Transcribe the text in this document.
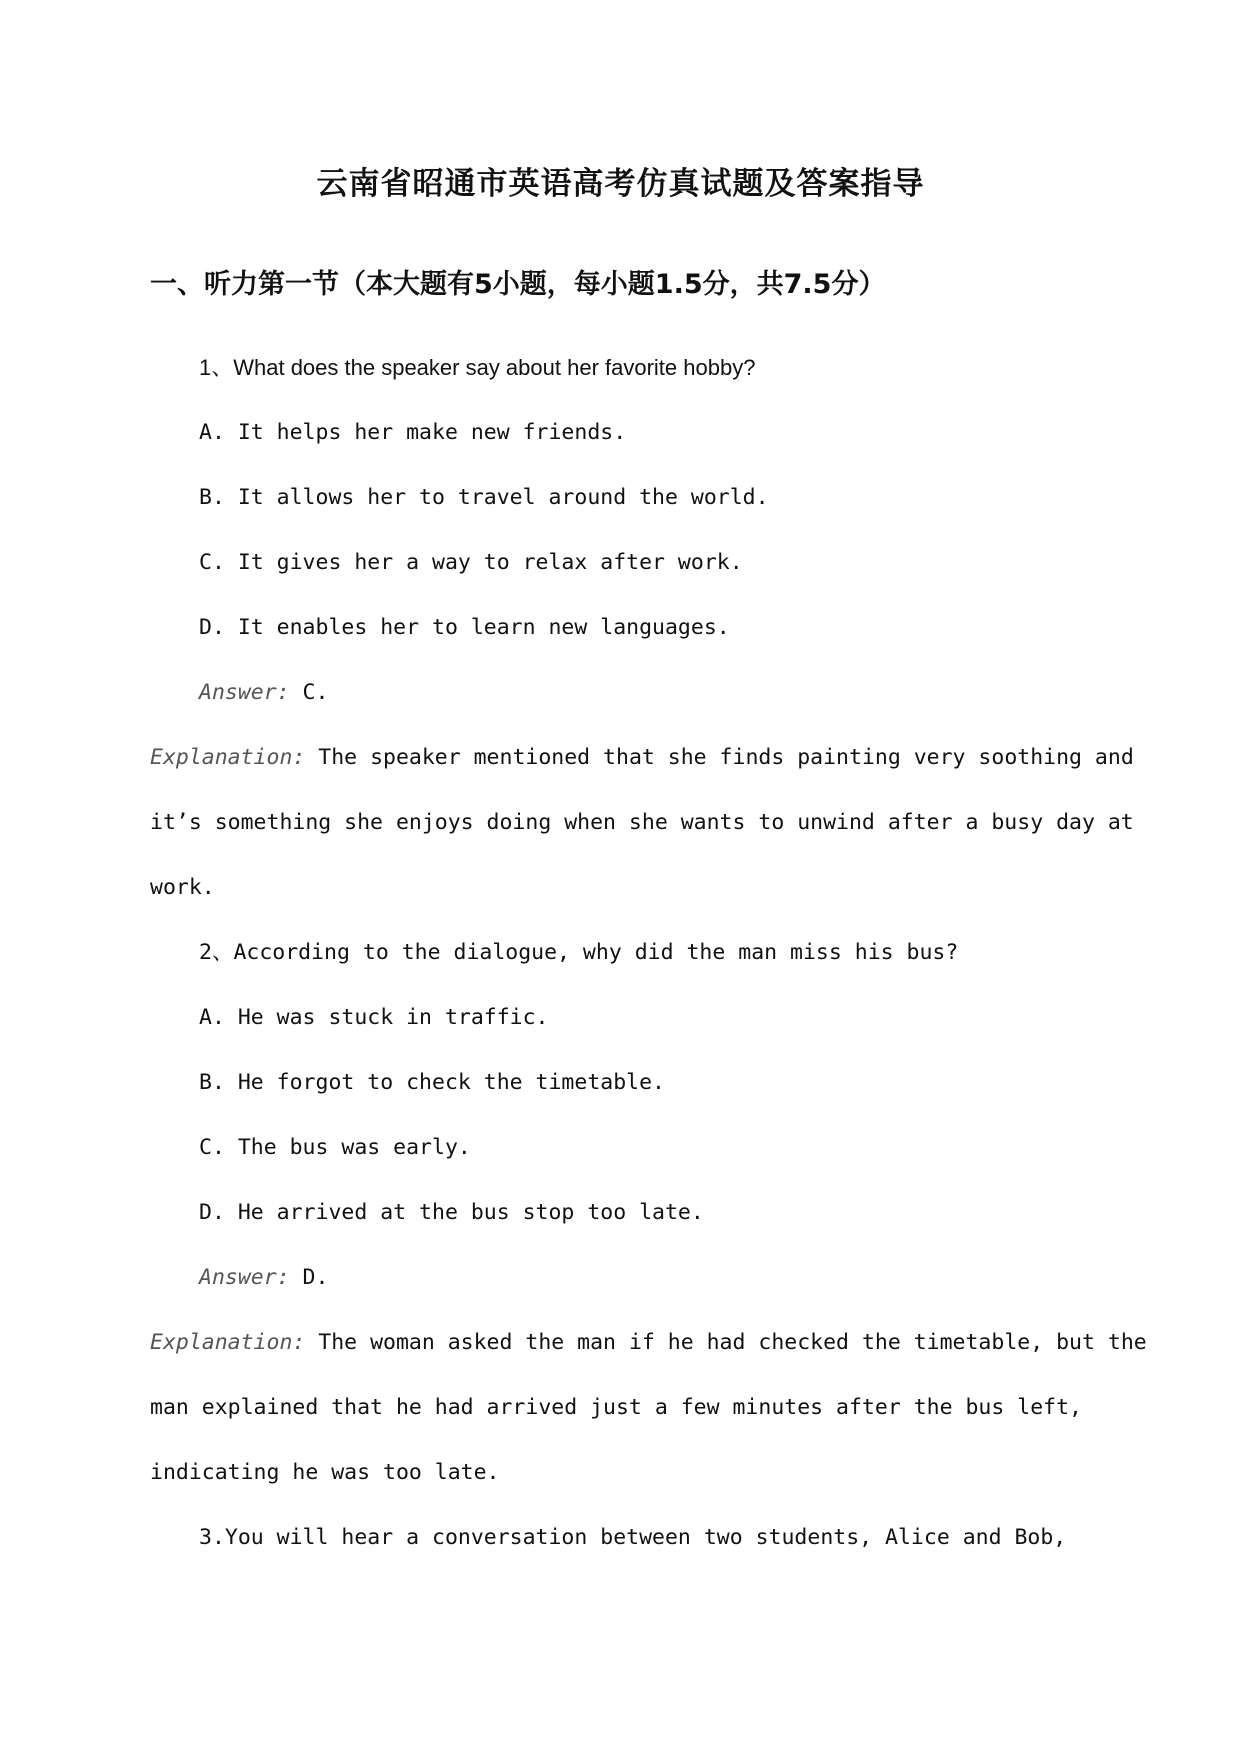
云南省昭通市英语高考仿真试题及答案指导
一、听力第一节（本大题有5小题，每小题1.5分，共7.5分）
1、What does the speaker say about her favorite hobby?
A. It helps her make new friends.
B. It allows her to travel around the world.
C. It gives her a way to relax after work.
D. It enables her to learn new languages.
Answer: C.
Explanation: The speaker mentioned that she finds painting very soothing and
it’s something she enjoys doing when she wants to unwind after a busy day at
work.
2、According to the dialogue, why did the man miss his bus?
A. He was stuck in traffic.
B. He forgot to check the timetable.
C. The bus was early.
D. He arrived at the bus stop too late.
Answer: D.
Explanation: The woman asked the man if he had checked the timetable, but the
man explained that he had arrived just a few minutes after the bus left,
indicating he was too late.
3.You will hear a conversation between two students, Alice and Bob,
